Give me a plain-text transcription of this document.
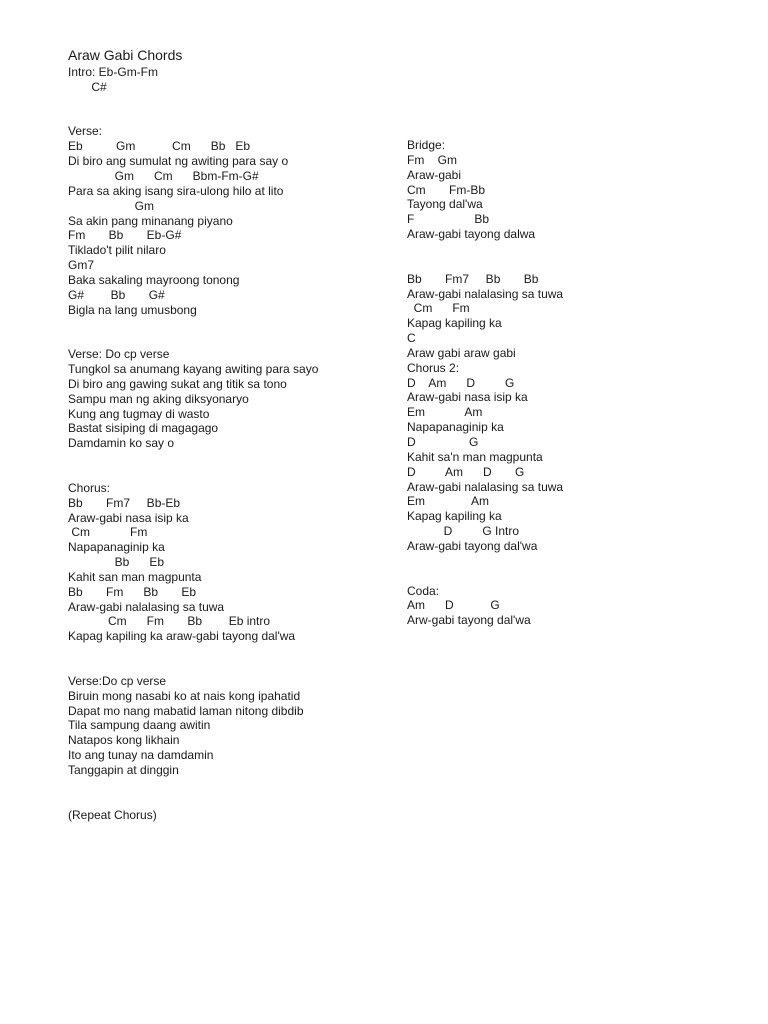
Araw Gabi Chords
Intro: Eb-Gm-Fm
C#
Verse:
Eb          Gm           Cm      Bb   Eb
Di biro ang sumulat ng awiting para say o
Gm      Cm      Bbm-Fm-G#
Para sa aking isang sira-ulong hilo at lito
Gm
Sa akin pang minanang piyano
Fm       Bb       Eb-G#
Tiklado't pilit nilaro
Gm7
Baka sakaling mayroong tonong
G#        Bb       G#
Bigla na lang umusbong
Verse: Do cp verse
Tungkol sa anumang kayang awiting para sayo
Di biro ang gawing sukat ang titik sa tono
Sampu man ng aking diksyonaryo
Kung ang tugmay di wasto
Bastat sisiping di magagago
Damdamin ko say o
Chorus:
Bb       Fm7     Bb-Eb
Araw-gabi nasa isip ka
Cm            Fm
Napapanaginip ka
Bb      Eb
Kahit san man magpunta
Bb       Fm      Bb       Eb
Araw-gabi nalalasing sa tuwa
Cm      Fm       Bb        Eb intro
Kapag kapiling ka araw-gabi tayong dal'wa
Verse:Do cp verse
Biruin mong nasabi ko at nais kong ipahatid
Dapat mo nang mabatid laman nitong dibdib
Tila sampung daang awitin
Natapos kong likhain
Ito ang tunay na damdamin
Tanggapin at dinggin
(Repeat Chorus)
Bridge:
Fm    Gm
Araw-gabi
Cm       Fm-Bb
Tayong dal'wa
F                  Bb
Araw-gabi tayong dalwa
Bb       Fm7     Bb       Bb
Araw-gabi nalalasing sa tuwa
Cm      Fm
Kapag kapiling ka
C
Araw gabi araw gabi
Chorus 2:
D    Am      D         G
Araw-gabi nasa isip ka
Em            Am
Napapanaginip ka
D                G
Kahit sa'n man magpunta
D         Am      D       G
Araw-gabi nalalasing sa tuwa
Em              Am
Kapag kapiling ka
D         G Intro
Araw-gabi tayong dal'wa
Coda:
Am      D           G
Arw-gabi tayong dal'wa
